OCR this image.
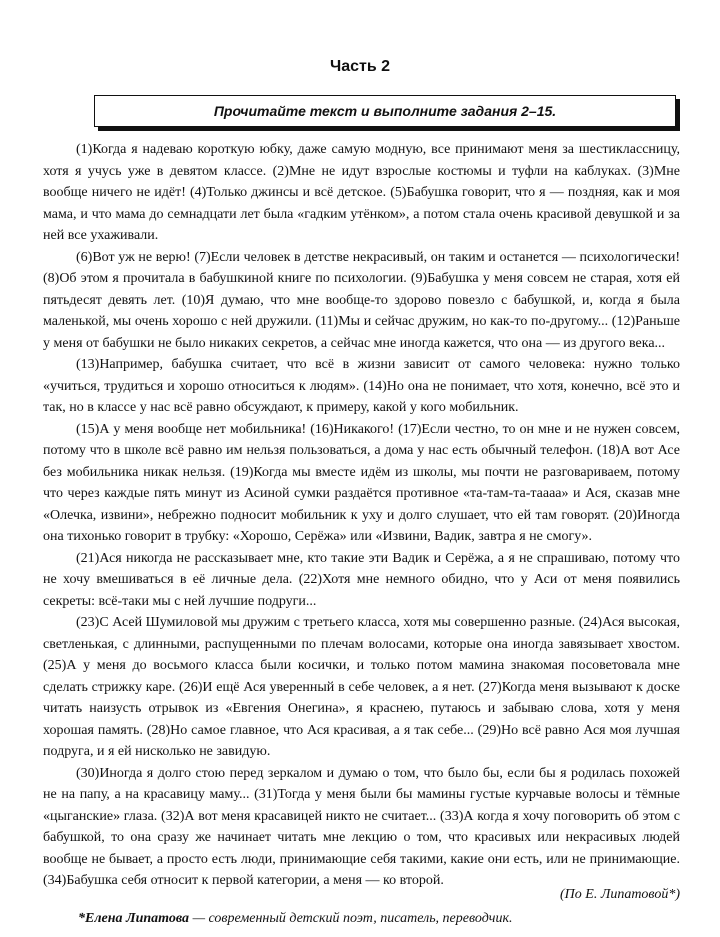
Часть 2
Прочитайте текст и выполните задания 2–15.

(1)Когда я надеваю короткую юбку, даже самую модную, все принимают меня за шестиклассницу, хотя я учусь уже в девятом классе. (2)Мне не идут взрослые костюмы и туфли на каблуках. (3)Мне вообще ничего не идёт! (4)Только джинсы и всё детское. (5)Бабушка говорит, что я — поздняя, как и моя мама, и что мама до семнадцати лет была «гадким утёнком», а потом стала очень красивой девушкой и за ней все ухаживали.

(6)Вот уж не верю! (7)Если человек в детстве некрасивый, он таким и останется — психологически! (8)Об этом я прочитала в бабушкиной книге по психологии. (9)Бабушка у меня совсем не старая, хотя ей пятьдесят девять лет. (10)Я думаю, что мне вообще-то здорово повезло с бабушкой, и, когда я была маленькой, мы очень хорошо с ней дружили. (11)Мы и сейчас дружим, но как-то по-другому... (12)Раньше у меня от бабушки не было никаких секретов, а сейчас мне иногда кажется, что она — из другого века...

(13)Например, бабушка считает, что всё в жизни зависит от самого человека: нужно только «учиться, трудиться и хорошо относиться к людям». (14)Но она не понимает, что хотя, конечно, всё это и так, но в классе у нас всё равно обсуждают, к примеру, какой у кого мобильник.

(15)А у меня вообще нет мобильника! (16)Никакого! (17)Если честно, то он мне и не нужен совсем, потому что в школе всё равно им нельзя пользоваться, а дома у нас есть обычный телефон. (18)А вот Асе без мобильника никак нельзя. (19)Когда мы вместе идём из школы, мы почти не разговариваем, потому что через каждые пять минут из Асиной сумки раздаётся противное «та-там-та-тааaa» и Ася, сказав мне «Олечка, извини», небрежно подносит мобильник к уху и долго слушает, что ей там говорят. (20)Иногда она тихонько говорит в трубку: «Хорошо, Серёжа» или «Извини, Вадик, завтра я не смогу».

(21)Ася никогда не рассказывает мне, кто такие эти Вадик и Серёжа, а я не спрашиваю, потому что не хочу вмешиваться в её личные дела. (22)Хотя мне немного обидно, что у Аси от меня появились секреты: всё-таки мы с ней лучшие подруги...

(23)С Асей Шумиловой мы дружим с третьего класса, хотя мы совершенно разные. (24)Ася высокая, светленькая, с длинными, распущенными по плечам волосами, которые она иногда завязывает хвостом. (25)А у меня до восьмого класса были косички, и только потом мамина знакомая посоветовала мне сделать стрижку каре. (26)И ещё Ася уверенный в себе человек, а я нет. (27)Когда меня вызывают к доске читать наизусть отрывок из «Евгения Онегина», я краснею, путаюсь и забываю слова, хотя у меня хорошая память. (28)Но самое главное, что Ася красивая, а я так себе... (29)Но всё равно Ася моя лучшая подруга, и я ей нисколько не завидую.

(30)Иногда я долго стою перед зеркалом и думаю о том, что было бы, если бы я родилась похожей не на папу, а на красавицу маму... (31)Тогда у меня были бы мамины густые курчавые волосы и тёмные «цыганские» глаза. (32)А вот меня красавицей никто не считает... (33)А когда я хочу поговорить об этом с бабушкой, то она сразу же начинает читать мне лекцию о том, что красивых или некрасивых людей вообще не бывает, а просто есть люди, принимающие себя такими, какие они есть, или не принимающие. (34)Бабушка себя относит к первой категории, а меня — ко второй.

(По Е. Липатовой*)
*Елена Липатова — современный детский поэт, писатель, переводчик.
